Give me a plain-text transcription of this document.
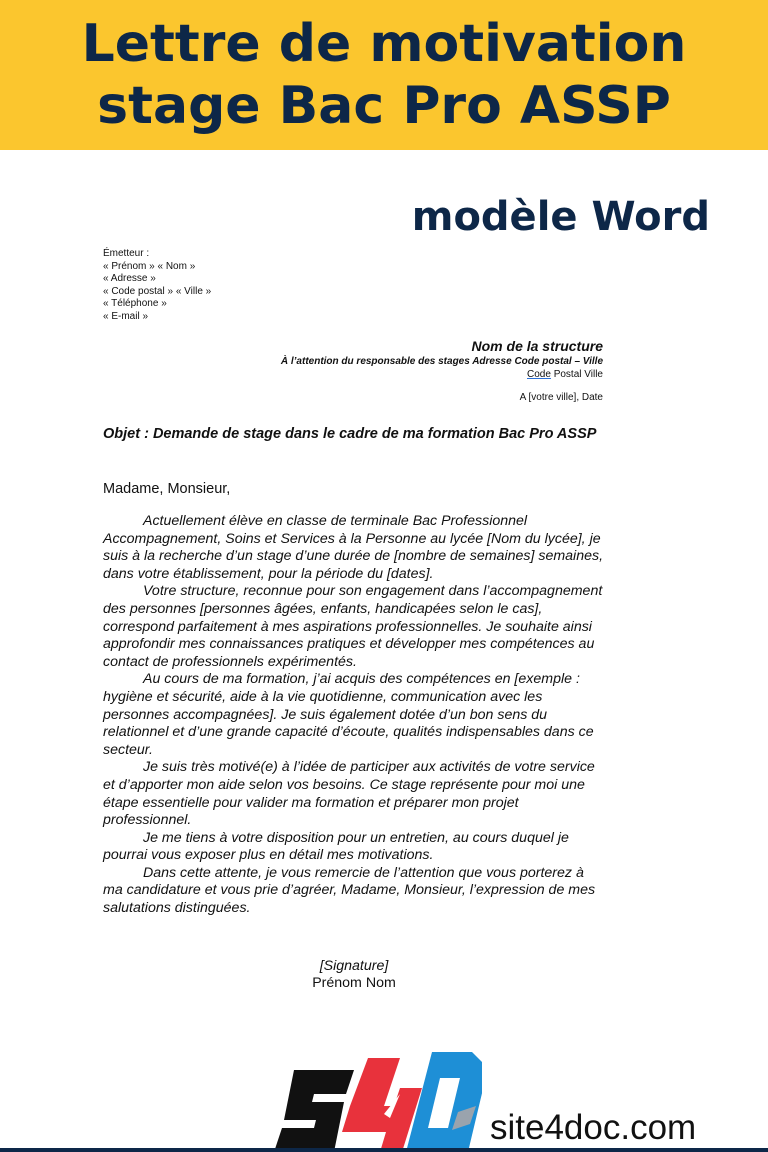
Lettre de motivation
stage Bac Pro ASSP
modèle Word
Émetteur :
« Prénom » « Nom »
« Adresse »
« Code postal » « Ville »
« Téléphone »
« E-mail »
Nom de la structure
À l’attention du responsable des stages Adresse Code postal – Ville
Code Postal Ville
A [votre ville], Date
Objet : Demande de stage dans le cadre de ma formation Bac Pro ASSP
Madame, Monsieur,

Actuellement élève en classe de terminale Bac Professionnel Accompagnement, Soins et Services à la Personne au lycée [Nom du lycée], je suis à la recherche d’un stage d’une durée de [nombre de semaines] semaines, dans votre établissement, pour la période du [dates].

Votre structure, reconnue pour son engagement dans l’accompagnement des personnes [personnes âgées, enfants, handicapées selon le cas], correspond parfaitement à mes aspirations professionnelles. Je souhaite ainsi approfondir mes connaissances pratiques et développer mes compétences au contact de professionnels expérimentés.

Au cours de ma formation, j’ai acquis des compétences en [exemple : hygiène et sécurité, aide à la vie quotidienne, communication avec les personnes accompagnées]. Je suis également dotée d’un bon sens du relationnel et d’une grande capacité d’écoute, qualités indispensables dans ce secteur.

Je suis très motivé(e) à l’idée de participer aux activités de votre service et d’apporter mon aide selon vos besoins. Ce stage représente pour moi une étape essentielle pour valider ma formation et préparer mon projet professionnel.

Je me tiens à votre disposition pour un entretien, au cours duquel je pourrai vous exposer plus en détail mes motivations.

Dans cette attente, je vous remercie de l’attention que vous porterez à ma candidature et vous prie d’agréer, Madame, Monsieur, l’expression de mes salutations distinguées.

[Signature]
Prénom Nom
site4doc.com
